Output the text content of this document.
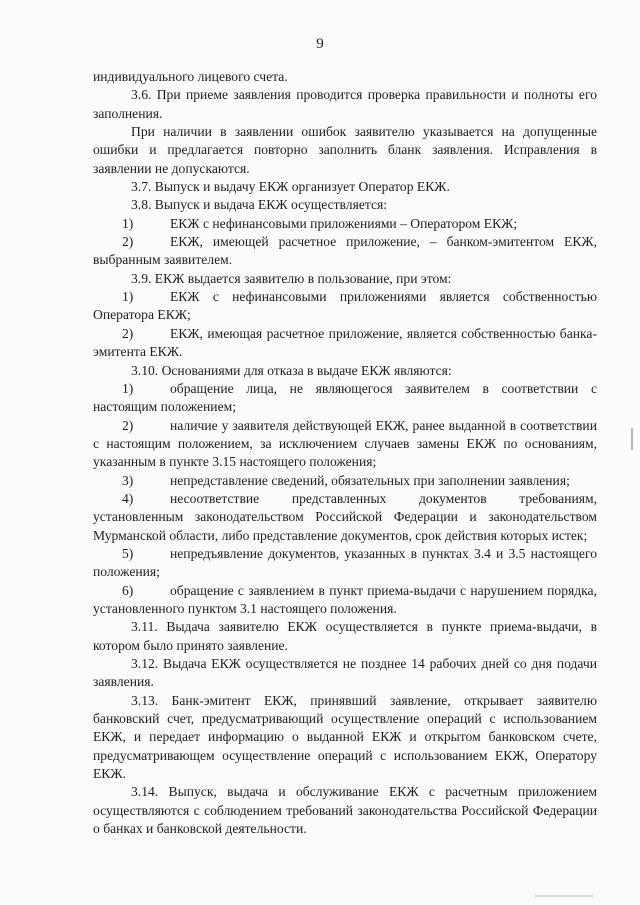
9

индивидуального лицевого счета.

3.6. При приеме заявления проводится проверка правильности и полноты его заполнения.

При наличии в заявлении ошибок заявителю указывается на допущенные ошибки и предлагается повторно заполнить бланк заявления. Исправления в заявлении не допускаются.

3.7. Выпуск и выдачу ЕКЖ организует Оператор ЕКЖ.

3.8. Выпуск и выдача ЕКЖ осуществляется:

1)	ЕКЖ с нефинансовыми приложениями – Оператором ЕКЖ;

2)	ЕКЖ, имеющей расчетное приложение, – банком-эмитентом ЕКЖ, выбранным заявителем.

3.9. ЕКЖ выдается заявителю в пользование, при этом:

1)	ЕКЖ с нефинансовыми приложениями является собственностью Оператора ЕКЖ;

2)	ЕКЖ, имеющая расчетное приложение, является собственностью банка-эмитента ЕКЖ.

3.10. Основаниями для отказа в выдаче ЕКЖ являются:

1)	обращение лица, не являющегося заявителем в соответствии с настоящим положением;

2)	наличие у заявителя действующей ЕКЖ, ранее выданной в соответствии с настоящим положением, за исключением случаев замены ЕКЖ по основаниям, указанным в пункте 3.15 настоящего положения;

3)	непредставление сведений, обязательных при заполнении заявления;

4)	несоответствие представленных документов требованиям, установленным законодательством Российской Федерации и законодательством Мурманской области, либо представление документов, срок действия которых истек;

5)	непредъявление документов, указанных в пунктах 3.4 и 3.5 настоящего положения;

6)	обращение с заявлением в пункт приема-выдачи с нарушением порядка, установленного пунктом 3.1 настоящего положения.

3.11. Выдача заявителю ЕКЖ осуществляется в пункте приема-выдачи, в котором было принято заявление.

3.12. Выдача ЕКЖ осуществляется не позднее 14 рабочих дней со дня подачи заявления.

3.13. Банк-эмитент ЕКЖ, принявший заявление, открывает заявителю банковский счет, предусматривающий осуществление операций с использованием ЕКЖ, и передает информацию о выданной ЕКЖ и открытом банковском счете, предусматривающем осуществление операций с использованием ЕКЖ, Оператору ЕКЖ.

3.14. Выпуск, выдача и обслуживание ЕКЖ с расчетным приложением осуществляются с соблюдением требований законодательства Российской Федерации о банках и банковской деятельности.
